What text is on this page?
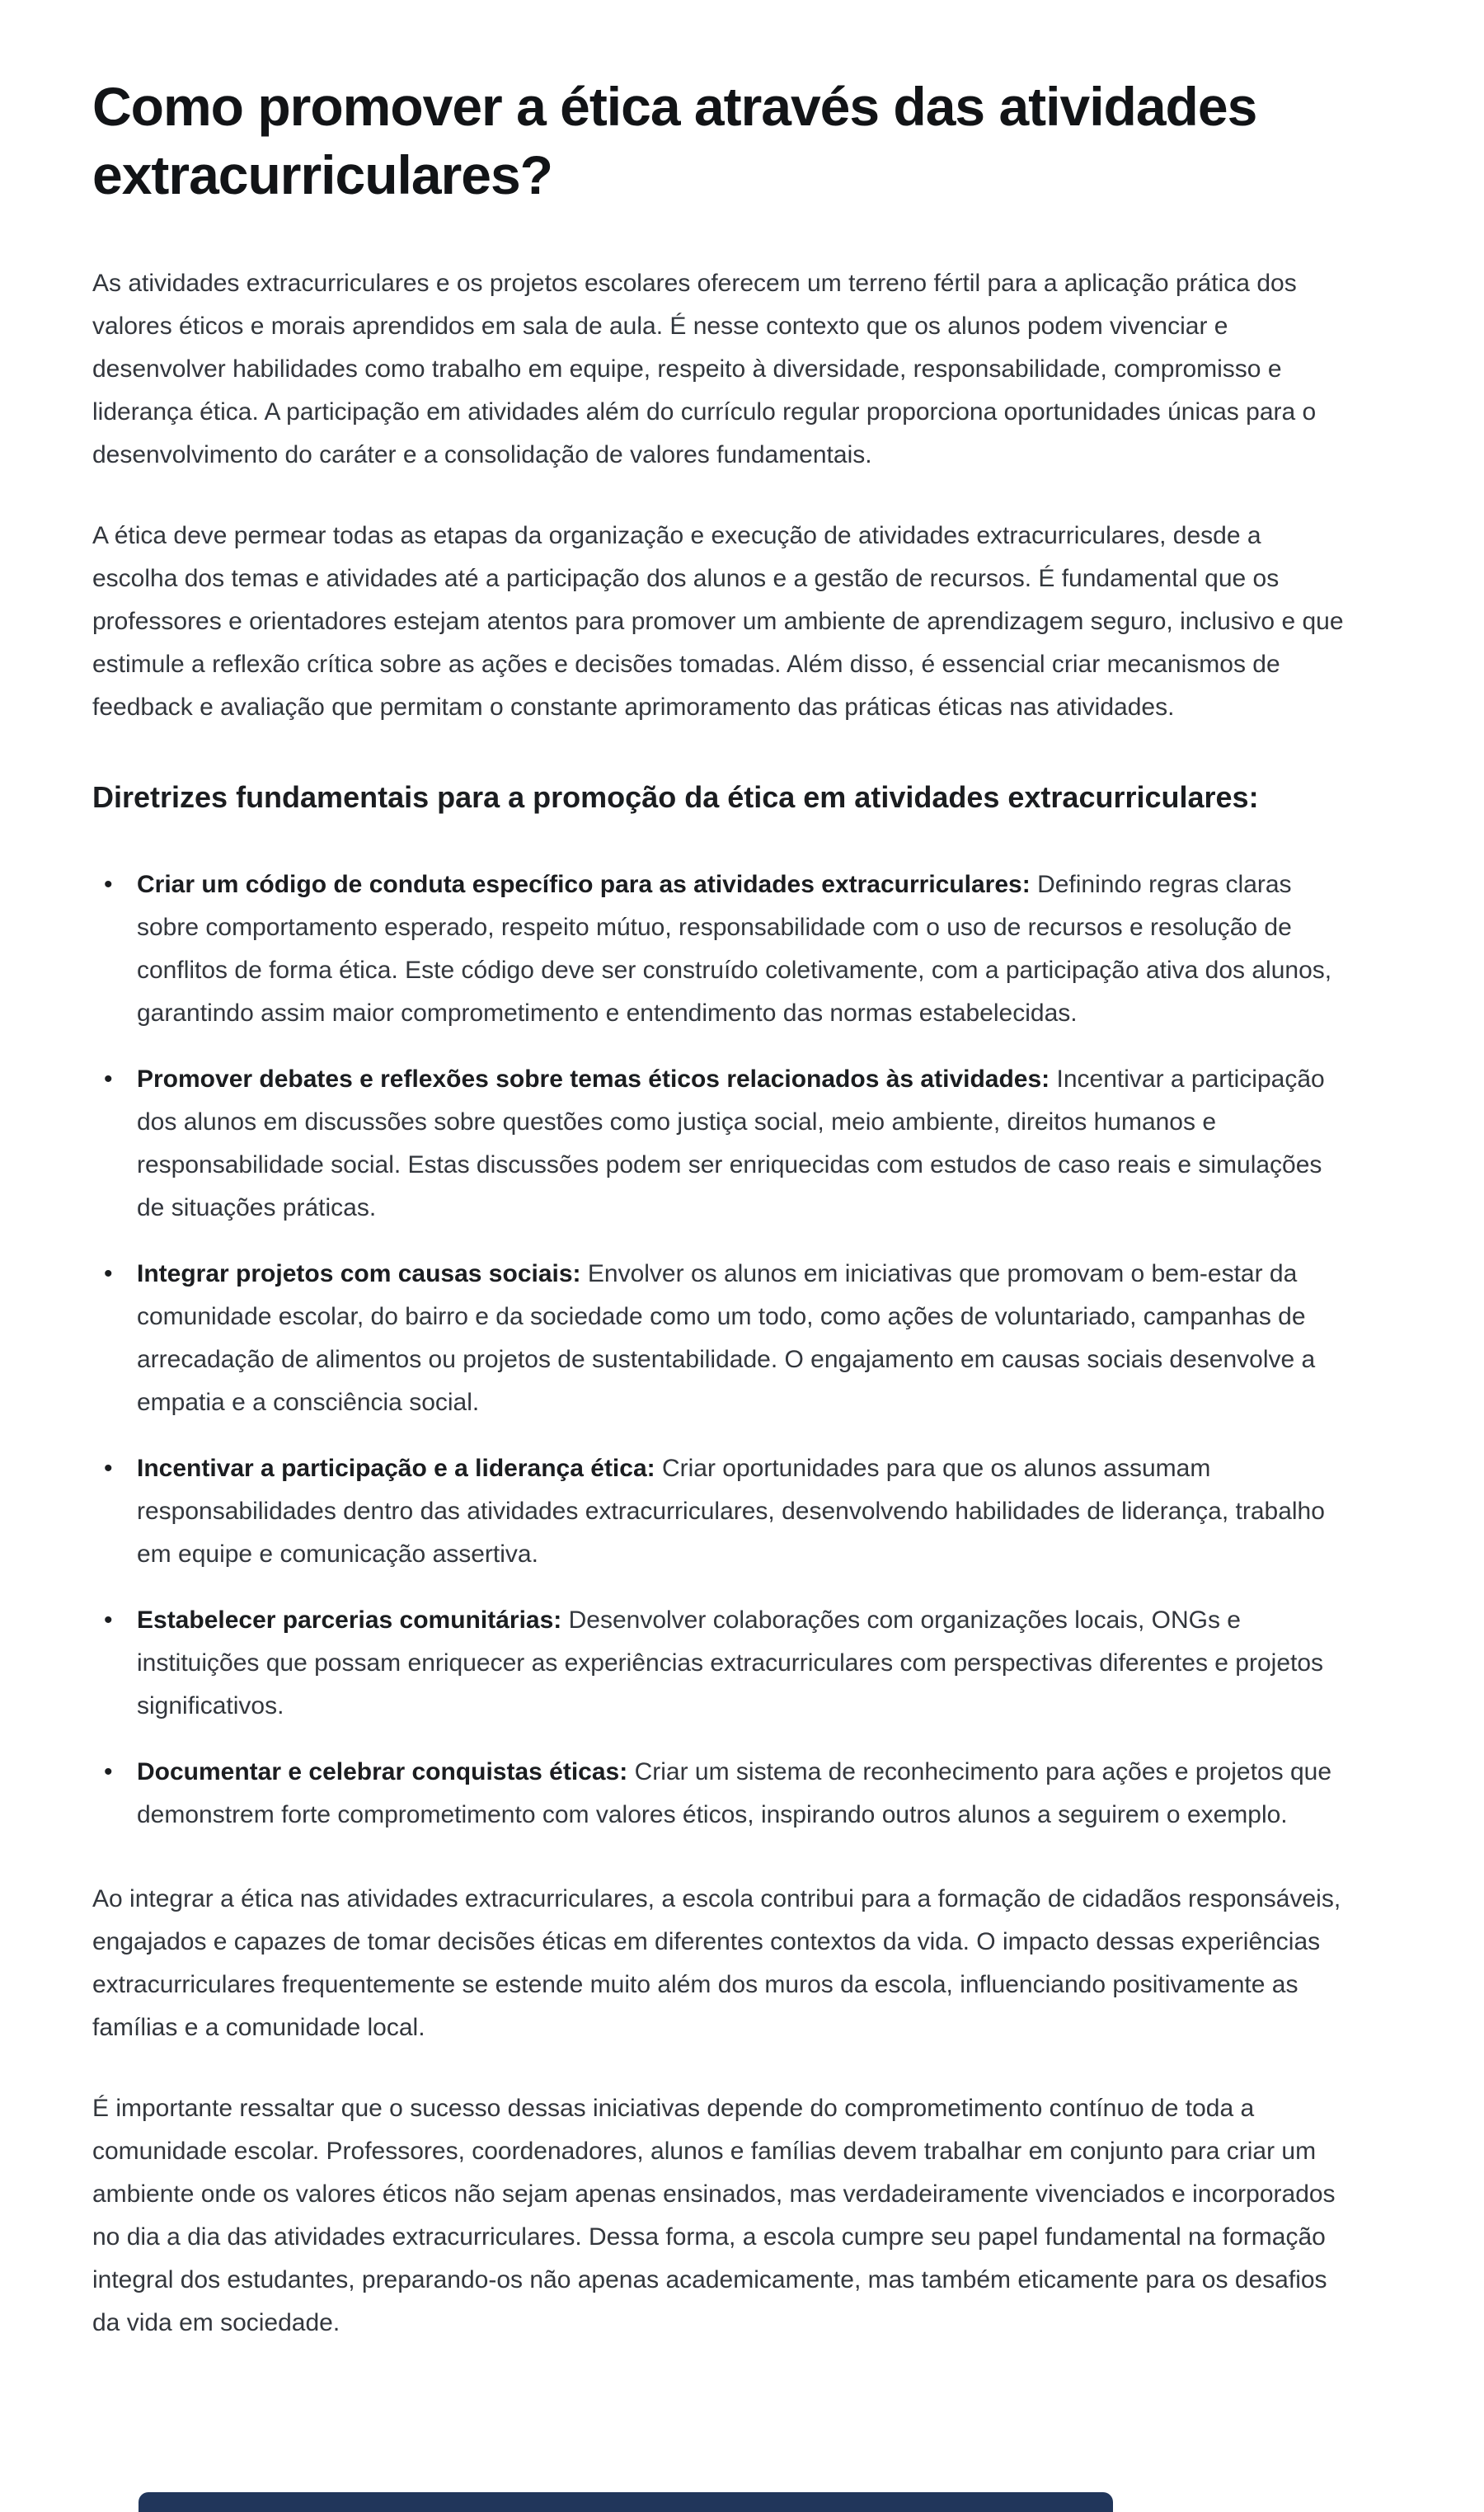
Como promover a ética através das atividades extracurriculares?

As atividades extracurriculares e os projetos escolares oferecem um terreno fértil para a aplicação prática dos valores éticos e morais aprendidos em sala de aula. É nesse contexto que os alunos podem vivenciar e desenvolver habilidades como trabalho em equipe, respeito à diversidade, responsabilidade, compromisso e liderança ética. A participação em atividades além do currículo regular proporciona oportunidades únicas para o desenvolvimento do caráter e a consolidação de valores fundamentais.

A ética deve permear todas as etapas da organização e execução de atividades extracurriculares, desde a escolha dos temas e atividades até a participação dos alunos e a gestão de recursos. É fundamental que os professores e orientadores estejam atentos para promover um ambiente de aprendizagem seguro, inclusivo e que estimule a reflexão crítica sobre as ações e decisões tomadas. Além disso, é essencial criar mecanismos de feedback e avaliação que permitam o constante aprimoramento das práticas éticas nas atividades.

Diretrizes fundamentais para a promoção da ética em atividades extracurriculares:
• Criar um código de conduta específico para as atividades extracurriculares: Definindo regras claras sobre comportamento esperado, respeito mútuo, responsabilidade com o uso de recursos e resolução de conflitos de forma ética. Este código deve ser construído coletivamente, com a participação ativa dos alunos, garantindo assim maior comprometimento e entendimento das normas estabelecidas.
• Promover debates e reflexões sobre temas éticos relacionados às atividades: Incentivar a participação dos alunos em discussões sobre questões como justiça social, meio ambiente, direitos humanos e responsabilidade social. Estas discussões podem ser enriquecidas com estudos de caso reais e simulações de situações práticas.
• Integrar projetos com causas sociais: Envolver os alunos em iniciativas que promovam o bem-estar da comunidade escolar, do bairro e da sociedade como um todo, como ações de voluntariado, campanhas de arrecadação de alimentos ou projetos de sustentabilidade. O engajamento em causas sociais desenvolve a empatia e a consciência social.
• Incentivar a participação e a liderança ética: Criar oportunidades para que os alunos assumam responsabilidades dentro das atividades extracurriculares, desenvolvendo habilidades de liderança, trabalho em equipe e comunicação assertiva.
• Estabelecer parcerias comunitárias: Desenvolver colaborações com organizações locais, ONGs e instituições que possam enriquecer as experiências extracurriculares com perspectivas diferentes e projetos significativos.
• Documentar e celebrar conquistas éticas: Criar um sistema de reconhecimento para ações e projetos que demonstrem forte comprometimento com valores éticos, inspirando outros alunos a seguirem o exemplo.

Ao integrar a ética nas atividades extracurriculares, a escola contribui para a formação de cidadãos responsáveis, engajados e capazes de tomar decisões éticas em diferentes contextos da vida. O impacto dessas experiências extracurriculares frequentemente se estende muito além dos muros da escola, influenciando positivamente as famílias e a comunidade local.

É importante ressaltar que o sucesso dessas iniciativas depende do comprometimento contínuo de toda a comunidade escolar. Professores, coordenadores, alunos e famílias devem trabalhar em conjunto para criar um ambiente onde os valores éticos não sejam apenas ensinados, mas verdadeiramente vivenciados e incorporados no dia a dia das atividades extracurriculares. Dessa forma, a escola cumpre seu papel fundamental na formação integral dos estudantes, preparando-os não apenas academicamente, mas também eticamente para os desafios da vida em sociedade.
